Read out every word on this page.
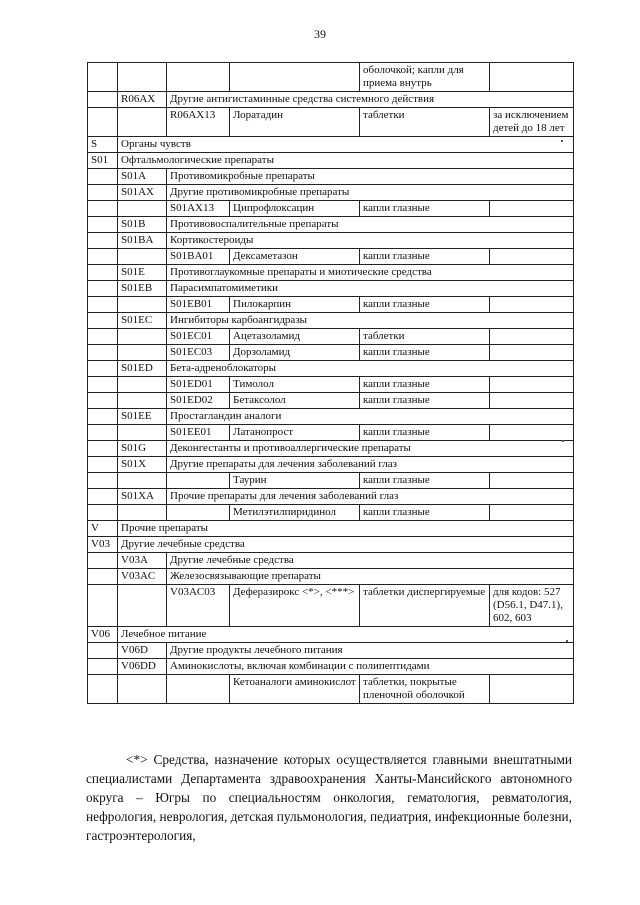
39
				оболочкой; капли для приема внутрь	
	R06AX	Другие антигистаминные средства системного действия			
		R06AX13	Лоратадин	таблетки	за исключением детей до 18 лет
S	Органы чувств				
S01	Офтальмологические препараты				
	S01A	Противомикробные препараты			
	S01AX	Другие противомикробные препараты			
		S01AX13	Ципрофлоксацин	капли глазные	
	S01B	Противовоспалительные препараты			
	S01BA	Кортикостероиды			
		S01BA01	Дексаметазон	капли глазные	
	S01E	Противоглаукомные препараты и миотические средства			
	S01EB	Парасимпатомиметики			
		S01EB01	Пилокарпин	капли глазные	
	S01EC	Ингибиторы карбоангидразы			
		S01EC01	Ацетазоламид	таблетки	
		S01EC03	Дорзоламид	капли глазные	
	S01ED	Бета-адреноблокаторы			
		S01ED01	Тимолол	капли глазные	
		S01ED02	Бетаксолол	капли глазные	
	S01EE	Простагландин аналоги			
		S01EE01	Латанопрост	капли глазные	
	S01G	Деконгестанты и противоаллергические препараты			
	S01X	Другие препараты для лечения заболеваний глаз			
			Таурин	капли глазные	
	S01XA	Прочие препараты для лечения заболеваний глаз			
			Метилэтилпиридинол	капли глазные	
V	Прочие препараты				
V03	Другие лечебные средства				
	V03A	Другие лечебные средства			
	V03AC	Железосвязывающие препараты			
		V03AC03	Деферазирокс <*>, <***>	таблетки диспергируемые	для кодов: 527 (D56.1, D47.1), 602, 603
V06	Лечебное питание				
	V06D	Другие продукты лечебного питания			
	V06DD	Аминокислоты, включая комбинации с полипептидами			
			Кетоаналоги аминокислот	таблетки, покрытые пленочной оболочкой	

<*> Средства, назначение которых осуществляется главными внештатными специалистами Департамента здравоохранения Ханты-Мансийского автономного округа – Югры по специальностям онкология, гематология, ревматология, нефрология, неврология, детская пульмонология, педиатрия, инфекционные болезни, гастроэнтерология,
